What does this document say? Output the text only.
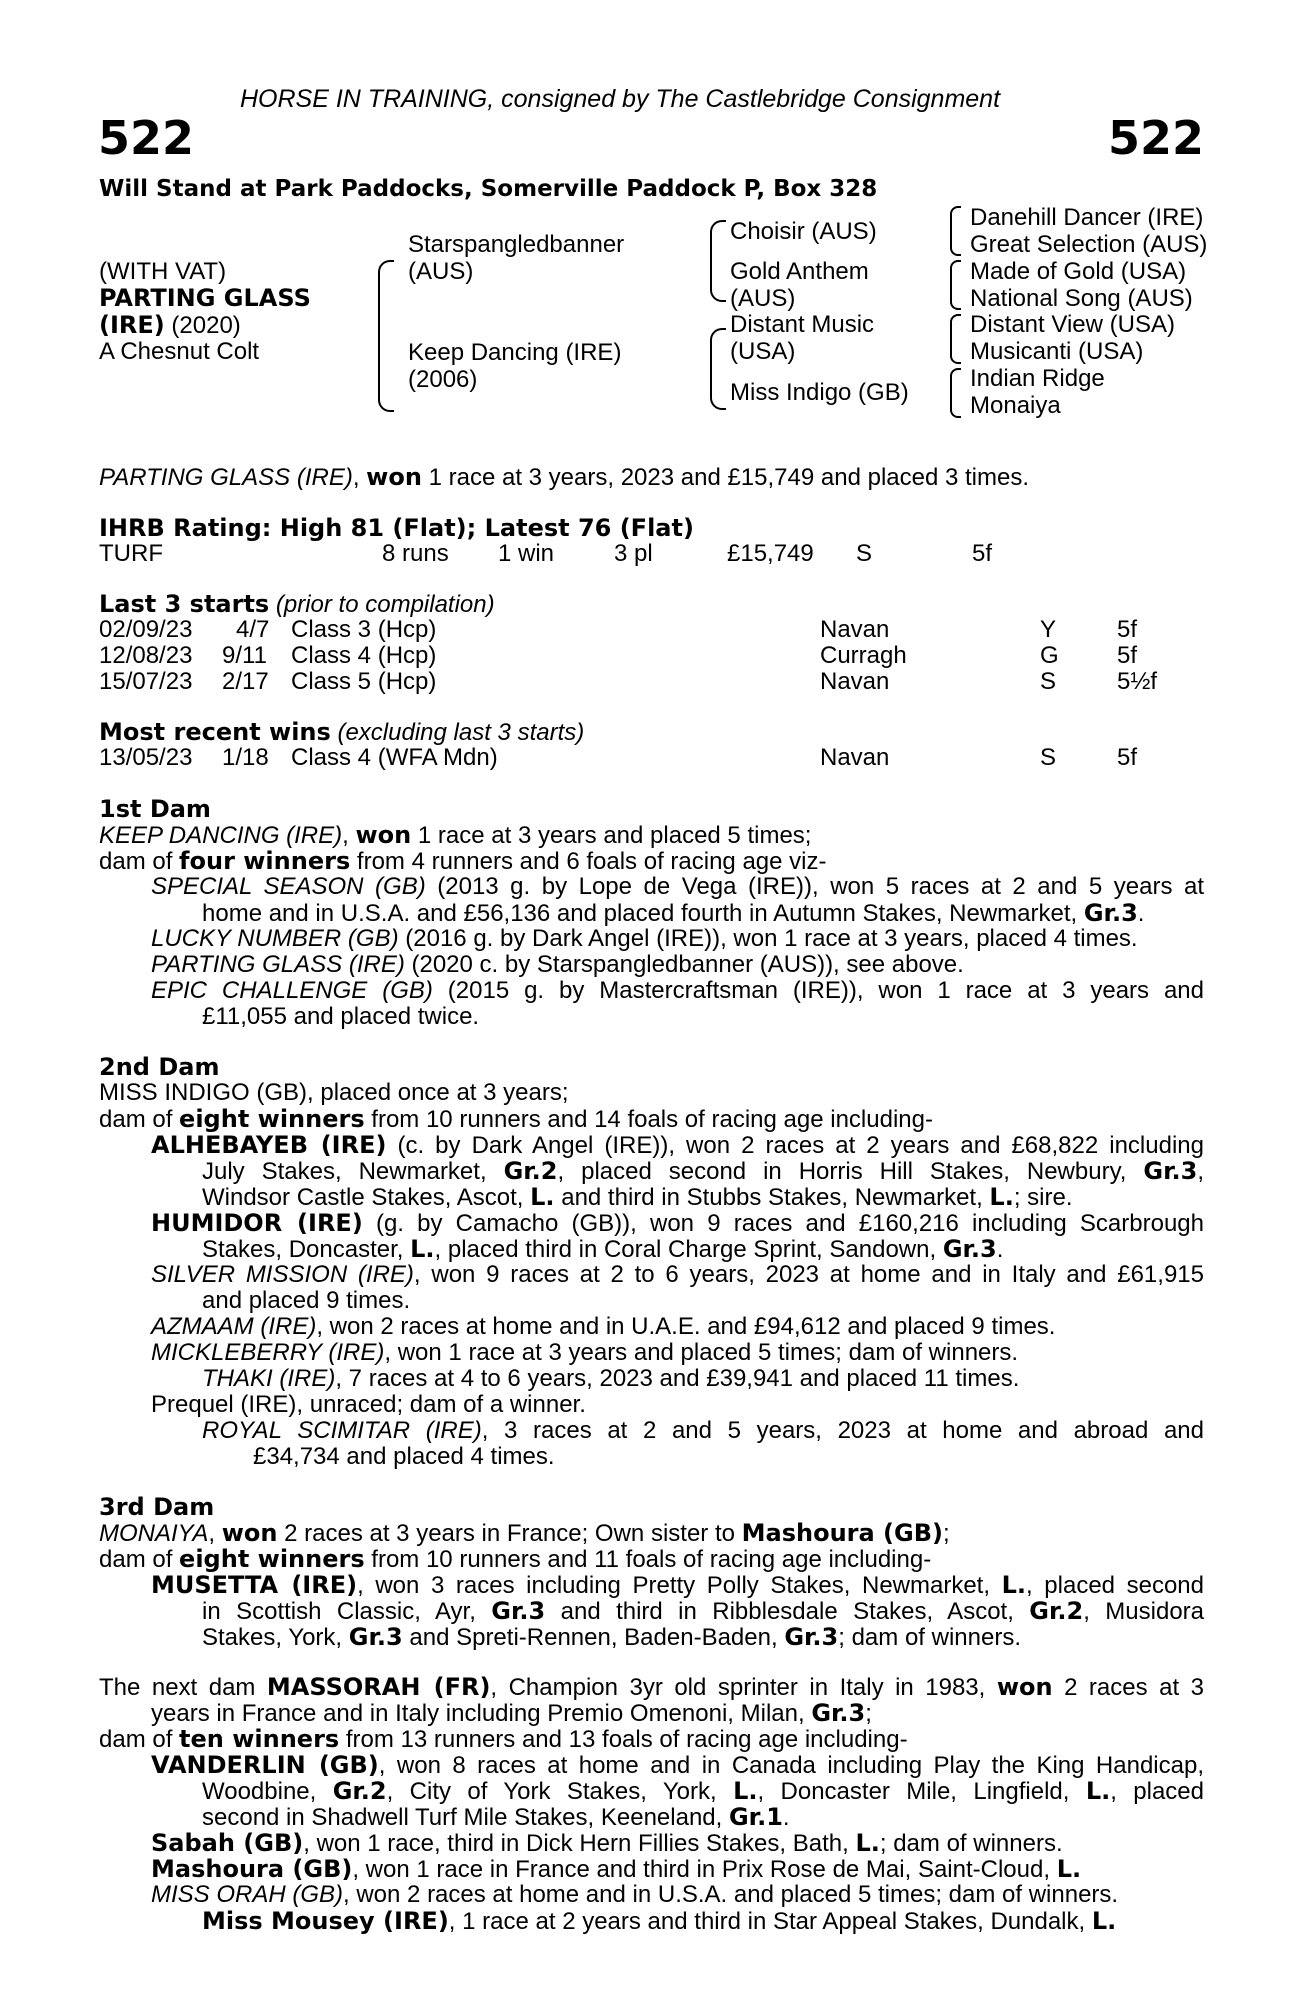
HORSE IN TRAINING, consigned by The Castlebridge Consignment
522	522
Will Stand at Park Paddocks, Somerville Paddock P, Box 328
(WITH VAT)
PARTING GLASS
(IRE) (2020)
A Chesnut Colt
Starspangledbanner
(AUS)
Keep Dancing (IRE)
(2006)
Choisir (AUS)
Gold Anthem
(AUS)
Distant Music
(USA)
Miss Indigo (GB)
Danehill Dancer (IRE)
Great Selection (AUS)
Made of Gold (USA)
National Song (AUS)
Distant View (USA)
Musicanti (USA)
Indian Ridge
Monaiya
PARTING GLASS (IRE), won 1 race at 3 years, 2023 and £15,749 and placed 3 times.
IHRB Rating: High 81 (Flat); Latest 76 (Flat)
TURF	8 runs 1 win 3 pl	£15,749 S	5f
Last 3 starts (prior to compilation)
02/09/23 4/7 Class 3 (Hcp)	Navan	Y	5f
12/08/23 9/11 Class 4 (Hcp)	Curragh	G 5f
15/07/23 2/17 Class 5 (Hcp)	Navan	S	5½f
Most recent wins (excluding last 3 starts)
13/05/23 1/18 Class 4 (WFA Mdn)	Navan	S	5f
1st Dam
KEEP DANCING (IRE), won 1 race at 3 years and placed 5 times;
dam of four winners from 4 runners and 6 foals of racing age viz-
SPECIAL SEASON (GB) (2013 g. by Lope de Vega (IRE)), won 5 races at 2 and 5 years at
home and in U.S.A. and £56,136 and placed fourth in Autumn Stakes, Newmarket, Gr.3.
LUCKY NUMBER (GB) (2016 g. by Dark Angel (IRE)), won 1 race at 3 years, placed 4 times.
PARTING GLASS (IRE) (2020 c. by Starspangledbanner (AUS)), see above.
EPIC CHALLENGE (GB) (2015 g. by Mastercraftsman (IRE)), won 1 race at 3 years and
£11,055 and placed twice.
2nd Dam
MISS INDIGO (GB), placed once at 3 years;
dam of eight winners from 10 runners and 14 foals of racing age including-
ALHEBAYEB (IRE) (c. by Dark Angel (IRE)), won 2 races at 2 years and £68,822 including
July Stakes, Newmarket, Gr.2, placed second in Horris Hill Stakes, Newbury, Gr.3,
Windsor Castle Stakes, Ascot, L. and third in Stubbs Stakes, Newmarket, L.; sire.
HUMIDOR (IRE) (g. by Camacho (GB)), won 9 races and £160,216 including Scarbrough
Stakes, Doncaster, L., placed third in Coral Charge Sprint, Sandown, Gr.3.
SILVER MISSION (IRE), won 9 races at 2 to 6 years, 2023 at home and in Italy and £61,915
and placed 9 times.
AZMAAM (IRE), won 2 races at home and in U.A.E. and £94,612 and placed 9 times.
MICKLEBERRY (IRE), won 1 race at 3 years and placed 5 times; dam of winners.
THAKI (IRE), 7 races at 4 to 6 years, 2023 and £39,941 and placed 11 times.
Prequel (IRE), unraced; dam of a winner.
ROYAL SCIMITAR (IRE), 3 races at 2 and 5 years, 2023 at home and abroad and
£34,734 and placed 4 times.
3rd Dam
MONAIYA, won 2 races at 3 years in France; Own sister to Mashoura (GB);
dam of eight winners from 10 runners and 11 foals of racing age including-
MUSETTA (IRE), won 3 races including Pretty Polly Stakes, Newmarket, L., placed second
in Scottish Classic, Ayr, Gr.3 and third in Ribblesdale Stakes, Ascot, Gr.2, Musidora
Stakes, York, Gr.3 and Spreti-Rennen, Baden-Baden, Gr.3; dam of winners.
The next dam MASSORAH (FR), Champion 3yr old sprinter in Italy in 1983, won 2 races at 3
years in France and in Italy including Premio Omenoni, Milan, Gr.3;
dam of ten winners from 13 runners and 13 foals of racing age including-
VANDERLIN (GB), won 8 races at home and in Canada including Play the King Handicap,
Woodbine, Gr.2, City of York Stakes, York, L., Doncaster Mile, Lingfield, L., placed
second in Shadwell Turf Mile Stakes, Keeneland, Gr.1.
Sabah (GB), won 1 race, third in Dick Hern Fillies Stakes, Bath, L.; dam of winners.
Mashoura (GB), won 1 race in France and third in Prix Rose de Mai, Saint-Cloud, L.
MISS ORAH (GB), won 2 races at home and in U.S.A. and placed 5 times; dam of winners.
Miss Mousey (IRE), 1 race at 2 years and third in Star Appeal Stakes, Dundalk, L.
